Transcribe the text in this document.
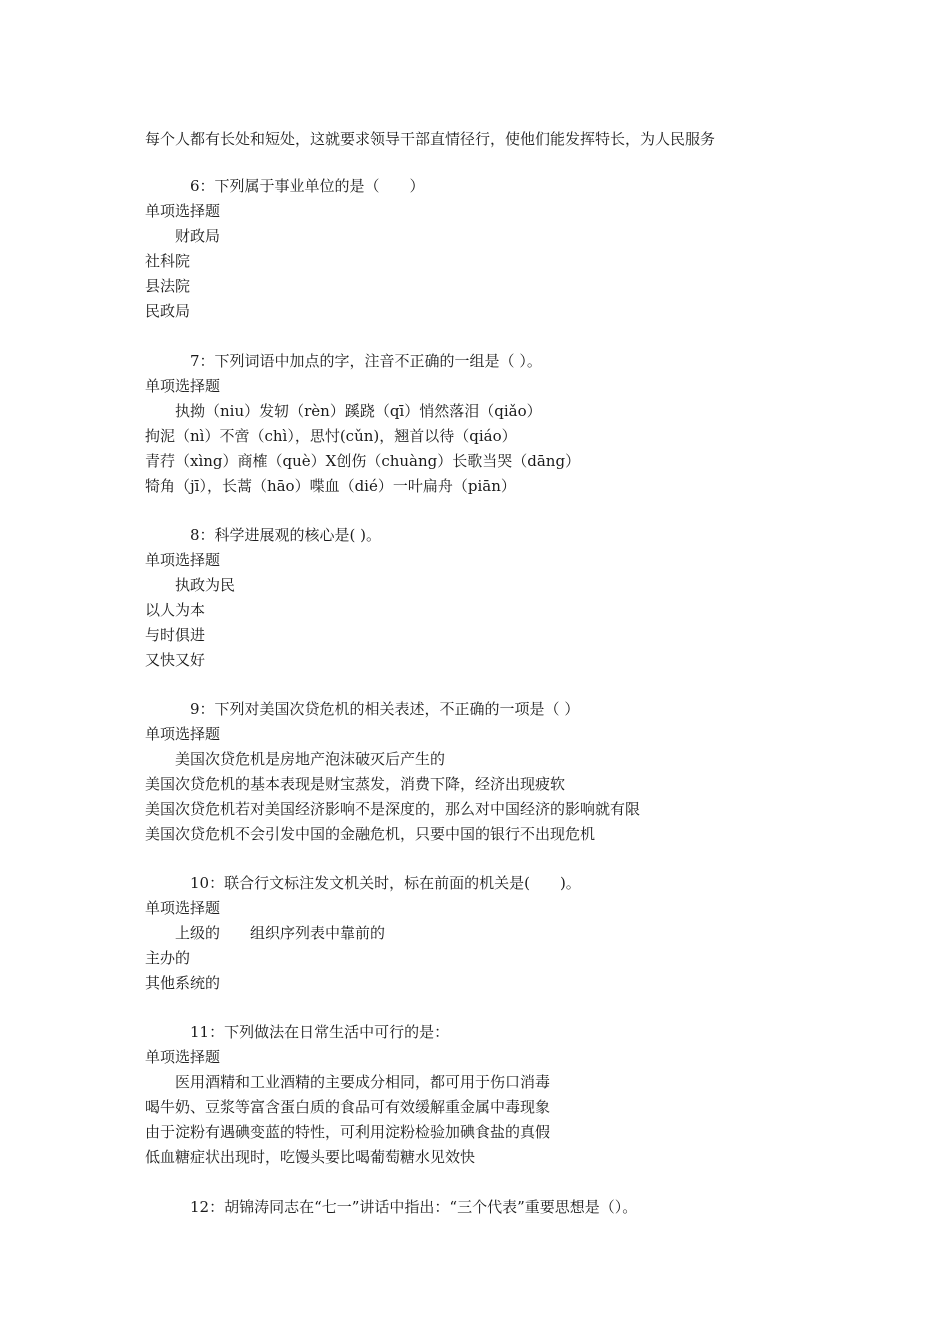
每个人都有长处和短处，这就要求领导干部直情径行，使他们能发挥特长，为人民服务
6：下列属于事业单位的是（　　）
单项选择题
财政局
社科院
县法院
民政局
7：下列词语中加点的字，注音不正确的一组是（ ）。
单项选择题
执拗（niu）发轫（rèn）蹊跷（qī）悄然落泪（qiǎo）
拘泥（nì）不啻（chì），思忖(cǔn)，翘首以待（qiáo）
青荇（xìng）商榷（què）X创伤（chuàng）长歌当哭（dāng）
犄角（jī），长蒿（hāo）喋血（dié）一叶扁舟（piān）
8：科学进展观的核心是( )。
单项选择题
执政为民
以人为本
与时俱进
又快又好
9：下列对美国次贷危机的相关表述，不正确的一项是（ ）
单项选择题
美国次贷危机是房地产泡沫破灭后产生的
美国次贷危机的基本表现是财宝蒸发，消费下降，经济出现疲软
美国次贷危机若对美国经济影响不是深度的，那么对中国经济的影响就有限
美国次贷危机不会引发中国的金融危机，只要中国的银行不出现危机
10：联合行文标注发文机关时，标在前面的机关是(　　)。
单项选择题
上级的　　组织序列表中靠前的
主办的
其他系统的
11：下列做法在日常生活中可行的是：
单项选择题
医用酒精和工业酒精的主要成分相同，都可用于伤口消毒
喝牛奶、豆浆等富含蛋白质的食品可有效缓解重金属中毒现象
由于淀粉有遇碘变蓝的特性，可利用淀粉检验加碘食盐的真假
低血糖症状出现时，吃馒头要比喝葡萄糖水见效快
12：胡锦涛同志在“七一”讲话中指出：“三个代表”重要思想是（）。
